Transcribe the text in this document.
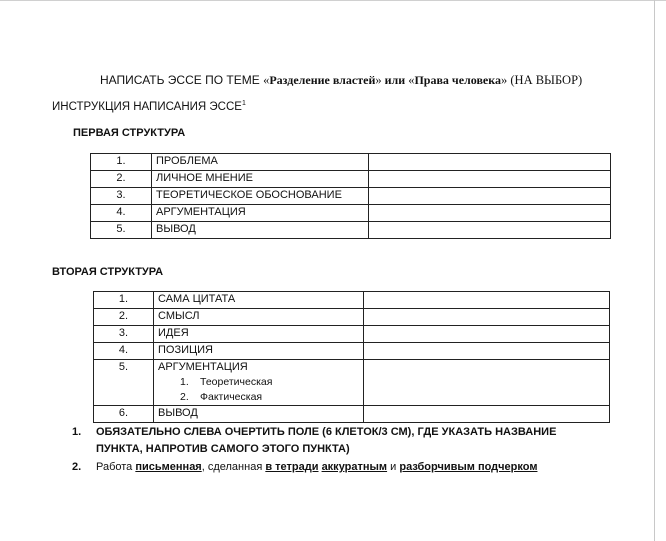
НАПИСАТЬ ЭССЕ ПО ТЕМЕ «Разделение властей» или «Права человека» (НА ВЫБОР)
ИНСТРУКЦИЯ НАПИСАНИЯ ЭССЕ$^1$
ПЕРВАЯ СТРУКТУРА
1.	ПРОБЛЕМА	
2.	ЛИЧНОЕ МНЕНИЕ	
3.	ТЕОРЕТИЧЕСКОЕ ОБОСНОВАНИЕ	
4.	АРГУМЕНТАЦИЯ	
5.	ВЫВОД	
ВТОРАЯ СТРУКТУРА
1.	САМА ЦИТАТА	
2.	СМЫСЛ	
3.	ИДЕЯ	
4.	ПОЗИЦИЯ	
5.	АРГУМЕНТАЦИЯ
1. Теоретическая
2. Фактическая	

6.	ВЫВОД	
1. ОБЯЗАТЕЛЬНО СЛЕВА ОЧЕРТИТЬ ПОЛЕ (6 КЛЕТОК/3 СМ), ГДЕ УКАЗАТЬ НАЗВАНИЕ ПУНКТА, НАПРОТИВ САМОГО ЭТОГО ПУНКТА)
2. Работа письменная, сделанная в тетради аккуратным и разборчивым подчерком
